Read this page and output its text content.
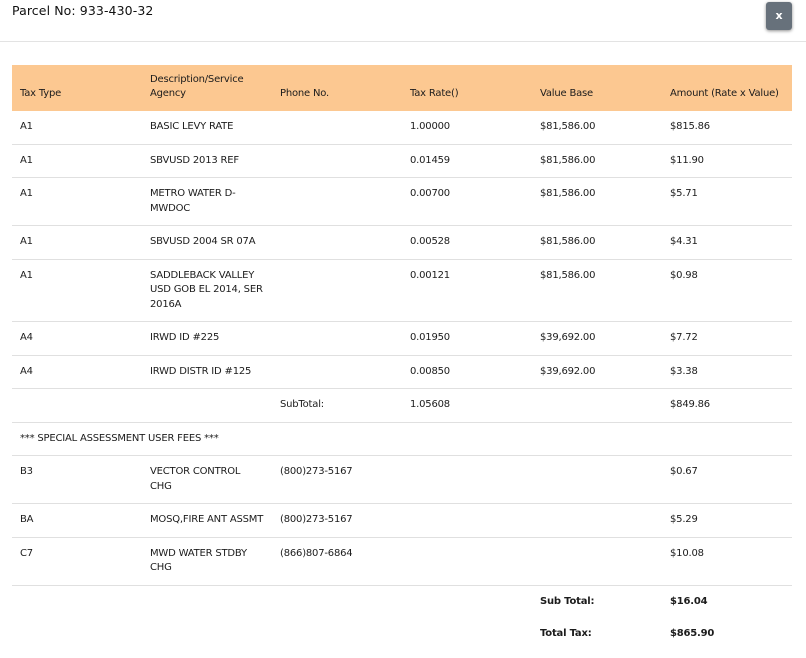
Parcel No: 933-430-32	x
Tax Type	Description/Service Agency	Phone No.	Tax Rate()	Value Base	Amount (Rate x Value)
A1	BASIC LEVY RATE		1.00000	$81,586.00	$815.86
A1	SBVUSD 2013 REF		0.01459	$81,586.00	$11.90
A1	METRO WATER D-MWDOC		0.00700	$81,586.00	$5.71
A1	SBVUSD 2004 SR 07A		0.00528	$81,586.00	$4.31
A1	SADDLEBACK VALLEY USD GOB EL 2014, SER 2016A		0.00121	$81,586.00	$0.98
A4	IRWD ID #225		0.01950	$39,692.00	$7.72
A4	IRWD DISTR ID #125		0.00850	$39,692.00	$3.38
		SubTotal:	1.05608		$849.86
*** SPECIAL ASSESSMENT USER FEES ***					
B3	VECTOR CONTROL CHG	(800)273-5167			$0.67
BA	MOSQ,FIRE ANT ASSMT	(800)273-5167			$5.29
C7	MWD WATER STDBY CHG	(866)807-6864			$10.08
				Sub Total:	$16.04
				Total Tax:	$865.90
